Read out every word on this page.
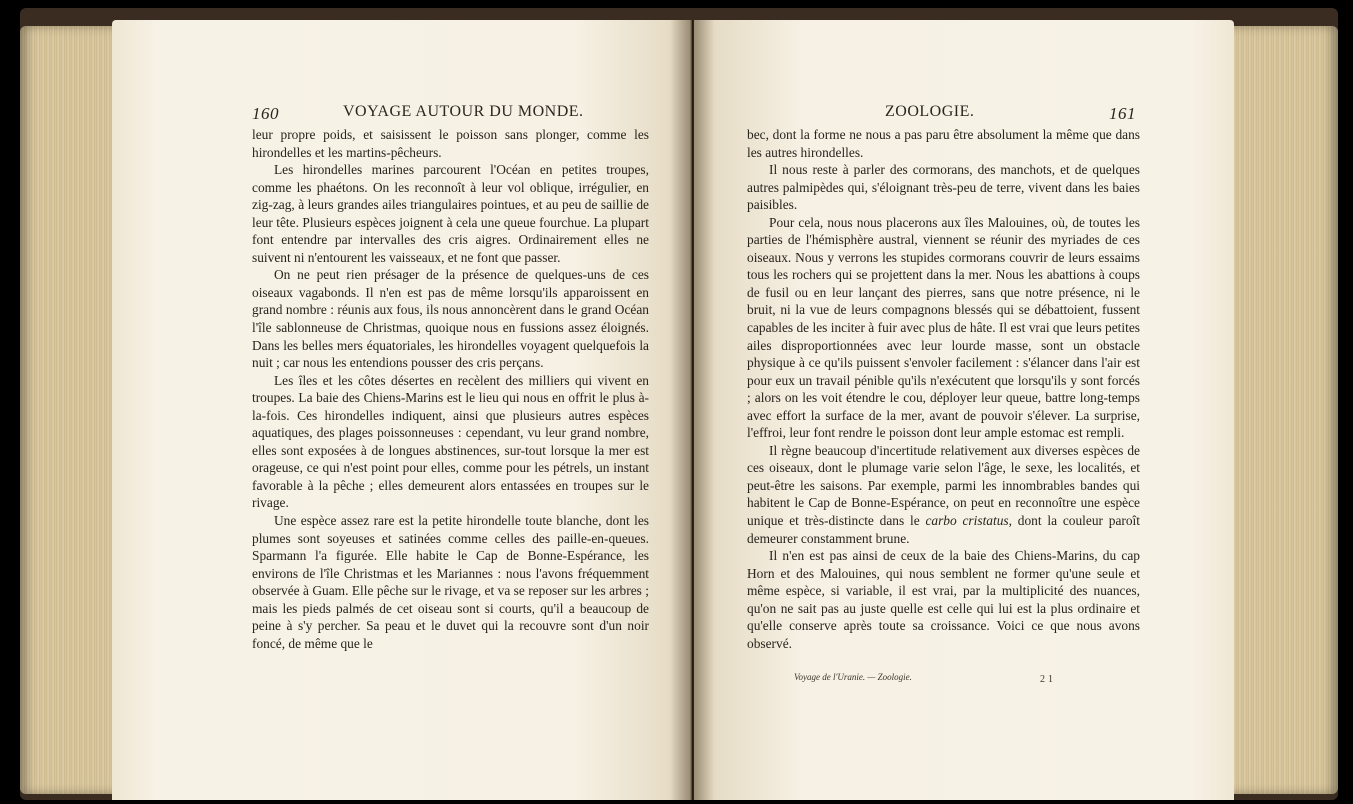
160	VOYAGE AUTOUR DU MONDE.

leur propre poids, et saisissent le poisson sans plonger, comme les hirondelles et les martins-pêcheurs.

Les hirondelles marines parcourent l'Océan en petites troupes, comme les phaétons. On les reconnoît à leur vol oblique, irrégulier, en zig-zag, à leurs grandes ailes triangulaires pointues, et au peu de saillie de leur tête. Plusieurs espèces joignent à cela une queue fourchue. La plupart font entendre par intervalles des cris aigres. Ordinairement elles ne suivent ni n'entourent les vaisseaux, et ne font que passer.

On ne peut rien présager de la présence de quelques-uns de ces oiseaux vagabonds. Il n'en est pas de même lorsqu'ils apparoissent en grand nombre : réunis aux fous, ils nous annoncèrent dans le grand Océan l'île sablonneuse de Christmas, quoique nous en fussions assez éloignés. Dans les belles mers équatoriales, les hirondelles voyagent quelquefois la nuit ; car nous les entendions pousser des cris perçans.

Les îles et les côtes désertes en recèlent des milliers qui vivent en troupes. La baie des Chiens-Marins est le lieu qui nous en offrit le plus à-la-fois. Ces hirondelles indiquent, ainsi que plusieurs autres espèces aquatiques, des plages poissonneuses : cependant, vu leur grand nombre, elles sont exposées à de longues abstinences, sur-tout lorsque la mer est orageuse, ce qui n'est point pour elles, comme pour les pétrels, un instant favorable à la pêche ; elles demeurent alors entassées en troupes sur le rivage.

Une espèce assez rare est la petite hirondelle toute blanche, dont les plumes sont soyeuses et satinées comme celles des paille-en-queues. Sparmann l'a figurée. Elle habite le Cap de Bonne-Espérance, les environs de l'île Christmas et les Mariannes : nous l'avons fréquemment observée à Guam. Elle pêche sur le rivage, et va se reposer sur les arbres ; mais les pieds palmés de cet oiseau sont si courts, qu'il a beaucoup de peine à s'y percher. Sa peau et le duvet qui la recouvre sont d'un noir foncé, de même que le

ZOOLOGIE.	161

bec, dont la forme ne nous a pas paru être absolument la même que dans les autres hirondelles.

Il nous reste à parler des cormorans, des manchots, et de quelques autres palmipèdes qui, s'éloignant très-peu de terre, vivent dans les baies paisibles.

Pour cela, nous nous placerons aux îles Malouines, où, de toutes les parties de l'hémisphère austral, viennent se réunir des myriades de ces oiseaux. Nous y verrons les stupides cormorans couvrir de leurs essaims tous les rochers qui se projettent dans la mer. Nous les abattions à coups de fusil ou en leur lançant des pierres, sans que notre présence, ni le bruit, ni la vue de leurs compagnons blessés qui se débattoient, fussent capables de les inciter à fuir avec plus de hâte. Il est vrai que leurs petites ailes disproportionnées avec leur lourde masse, sont un obstacle physique à ce qu'ils puissent s'envoler facilement : s'élancer dans l'air est pour eux un travail pénible qu'ils n'exécutent que lorsqu'ils y sont forcés ; alors on les voit étendre le cou, déployer leur queue, battre long-temps avec effort la surface de la mer, avant de pouvoir s'élever. La surprise, l'effroi, leur font rendre le poisson dont leur ample estomac est rempli.

Il règne beaucoup d'incertitude relativement aux diverses espèces de ces oiseaux, dont le plumage varie selon l'âge, le sexe, les localités, et peut-être les saisons. Par exemple, parmi les innombrables bandes qui habitent le Cap de Bonne-Espérance, on peut en reconnoître une espèce unique et très-distincte dans le carbo cristatus, dont la couleur paroît demeurer constamment brune.

Il n'en est pas ainsi de ceux de la baie des Chiens-Marins, du cap Horn et des Malouines, qui nous semblent ne former qu'une seule et même espèce, si variable, il est vrai, par la multiplicité des nuances, qu'on ne sait pas au juste quelle est celle qui lui est la plus ordinaire et qu'elle conserve après toute sa croissance. Voici ce que nous avons observé.

Voyage de l'Uranie. — Zoologie.	21
